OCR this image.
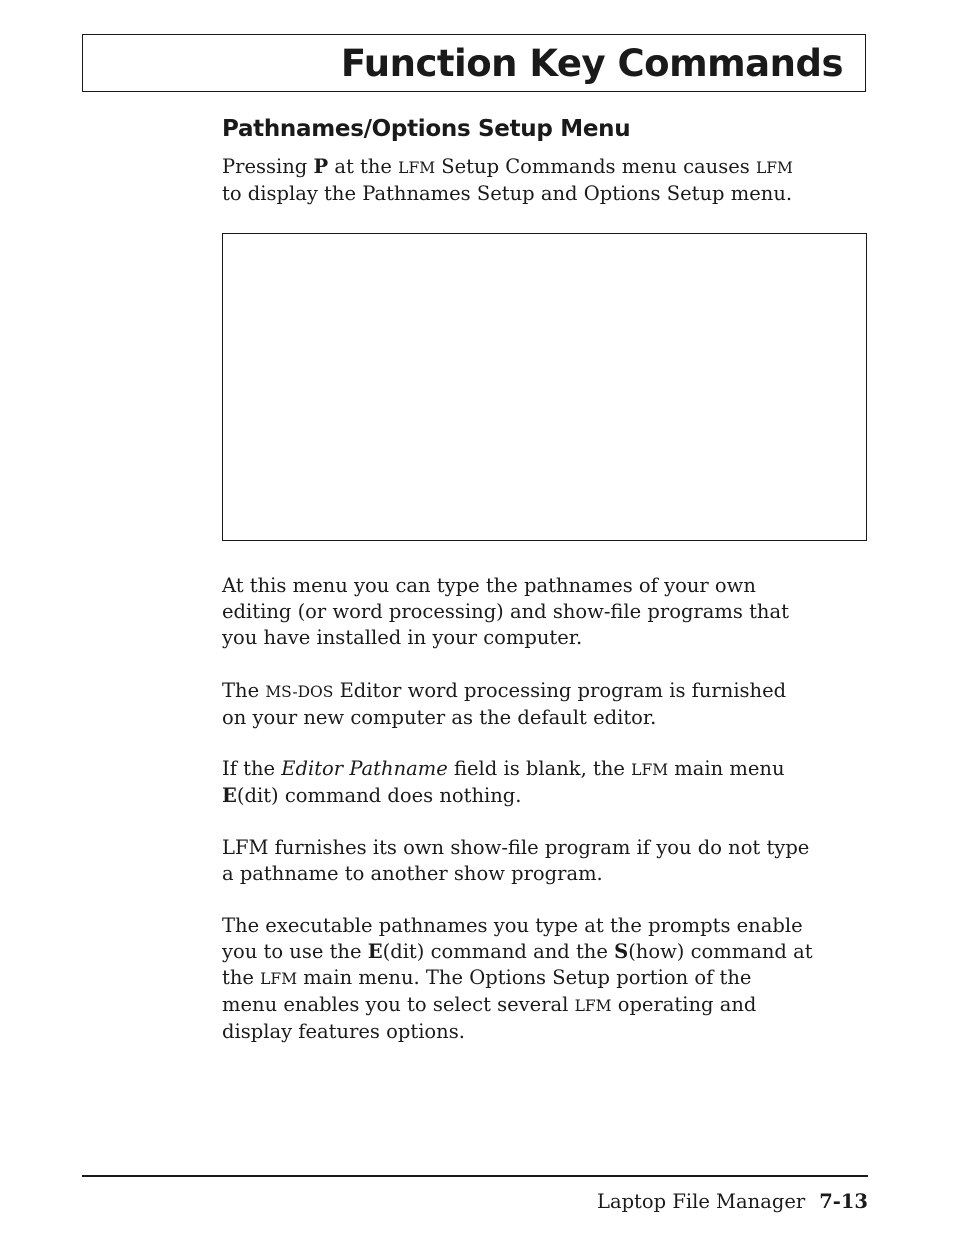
Function Key Commands
Pathnames/Options Setup Menu

Pressing P at the LFM Setup Commands menu causes LFM
to display the Pathnames Setup and Options Setup menu.

At this menu you can type the pathnames of your own
editing (or word processing) and show-file programs that
you have installed in your computer.

The MS-DOS Editor word processing program is furnished
on your new computer as the default editor.

If the Editor Pathname field is blank, the LFM main menu
E(dit) command does nothing.

LFM furnishes its own show-file program if you do not type
a pathname to another show program.

The executable pathnames you type at the prompts enable
you to use the E(dit) command and the S(how) command at
the LFM main menu. The Options Setup portion of the
menu enables you to select several LFM operating and
display features options.

Laptop File Manager 7-13
